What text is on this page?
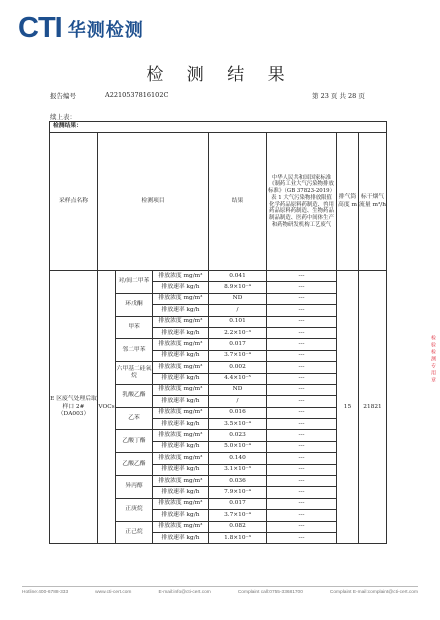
CTI 华测检测
检 测 结 果
报告编号	A2210537816102C	第 23 页 共 28 页
续上表：
检测结果：							
采样点名称	检测项目			结果	中华人民共和国国家标准《制药工业大气污染物排放标准》（GB 37823-2019）表 1 大气污染物排放限值 化学药品原料药制造、兽用药品原料药制造、生物药品制品制造、医药中间体生产和药物研发机构工艺废气	排气筒高度 m	标干烟气流量 m³/h
E 区废气处理后取样口 2#（DA003）	VOCs	对/间二甲苯	排放浓度 mg/m³	0.041	---	15	21821
			排放速率 kg/h	8.9×10⁻⁴	---		
		环戊酮	排放浓度 mg/m³	ND	---		
			排放速率 kg/h	/	---		
		甲苯	排放浓度 mg/m³	0.101	---		
			排放速率 kg/h	2.2×10⁻³	---		
		邻二甲苯	排放浓度 mg/m³	0.017	---		
			排放速率 kg/h	3.7×10⁻⁴	---		
		六甲基二硅氧烷	排放浓度 mg/m³	0.002	---		
			排放速率 kg/h	4.4×10⁻⁵	---		
		乳酸乙酯	排放浓度 mg/m³	ND	---		
			排放速率 kg/h	/	---		
		乙苯	排放浓度 mg/m³	0.016	---		
			排放速率 kg/h	3.5×10⁻⁴	---		
		乙酸丁酯	排放浓度 mg/m³	0.023	---		
			排放速率 kg/h	5.0×10⁻⁴	---		
		乙酸乙酯	排放浓度 mg/m³	0.140	---		
			排放速率 kg/h	3.1×10⁻³	---		
		异丙醇	排放浓度 mg/m³	0.036	---		
			排放速率 kg/h	7.9×10⁻⁴	---		
		正庚烷	排放浓度 mg/m³	0.017	---		
			排放速率 kg/h	3.7×10⁻⁴	---		
		正己烷	排放浓度 mg/m³	0.082	---		
			排放速率 kg/h	1.8×10⁻³	---		
检验检测专用章
Hotline:400-6788-333	www.cti-cert.com	E-mail:info@cti-cert.com	Complaint call:0755-33681700	Complaint E-mail:complaint@cti-cert.com
